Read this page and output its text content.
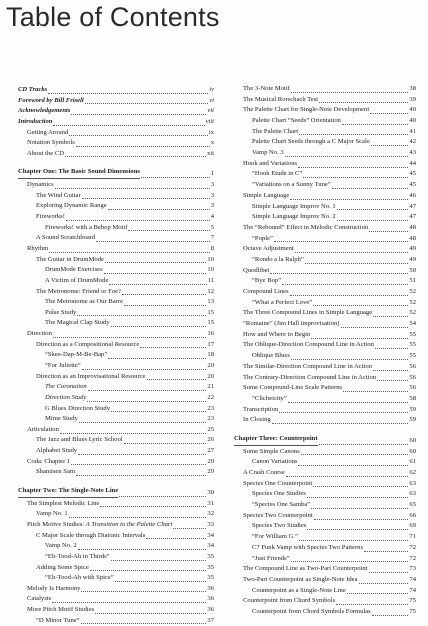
Table of Contents
CD Tracks	iv
Foreword by Bill Frisell	vi
Acknowledgements	vii
Introduction	viii
Getting Around	ix
Notation Symbols	x
About the CD	xii
Chapter One: The Basic Sound Dimensions	1
Dynamics	3
The Wind Guitar	3
Exploring Dynamic Range	3
Fireworks!	4
Fireworks! with a Bebop Motif	5
A Sound Scratchboard	7
Rhythm	8
The Guitar in DrumMode	10
DrumMode Exercises	10
A Victim of DrumMode	11
The Metronome: Friend or Foe?	12
The Metronome as Our Barre	13
Pulse Study	15
The Magical Clap Study	15
Direction	16
Direction as a Compositional Resource	17
“Skee-Dap-M-Be-Bap”	18
“For Juliette”	20
Direction as an Improvisational Resource	20
The Coronation	21
Direction Study	22
G Blues Direction Study	23
Mime Study	23
Articulation	25
The Jazz and Blues Lyric School	26
Alphabet Study	27
Coda: Chapter 1	29
Shamisen Sam	29
Chapter Two: The Single-Note Line	30
The Simplest Melodic Line	31
Vamp No. 1	32
Pitch Motive Studies: A Transition to the Palette Chart	33
C Major Scale through Diatonic Intervals	34
Vamp No. 2	34
“Eh-Tood-Ah in Thirds”	35
Adding Some Spice	35
“Eh-Tood-Ah with Spice”	35
Melody Is Harmony	36
Catalysts	36
More Pitch Motif Studies	36
“D Minor Tune”	37
The 3-Note Motif	38
The Musical Rorschach Test	39
The Palette Chart for Single-Note Development	40
Palette Chart “Seeds” Orientation	40
The Palette Chart	41
Palette Chart Seeds through a C Major Scale	42
Vamp No. 3	43
Hook and Variations	44
“Hook Etude in C”	45
“Variations on a Sunny Tune”	45
Simple Language	46
Simple Language Improv No. 1	47
Simple Language Improv No. 2	47
The “Rebound” Effect in Melodic Construction	48
“Pople”	48
Octave Adjustment	49
“Rondo a la Ralph”	49
Quodlibet	50
“Bye Bop”	51
Compound Lines	52
“What a Perfect Love”	52
The Three Compound Lines in Simple Language	52
“Romaine” (Jim Hall improvisation)	54
How and Where to Begin	55
The Oblique-Direction Compound Line in Action	55
Oblique Blues	55
The Similar-Direction Compound Line in Action	56
The Contrary-Direction Compound Line in Action	56
Some Compound-Line Scale Patterns	56
“Clicheicity”	58
Transcription	59
In Closing	59
Chapter Three: Counterpoint	60
Some Simple Canons	60
Canon Variations	61
A Crash Course	62
Species One Counterpoint	63
Species One Studies	63
“Species One Samba”	65
Species Two Counterpoint	66
Species Two Studies	69
“For William G.”	71
C7 Funk Vamp with Species Two Patterns	72
“Just Friends”	72
The Compound Line as Two-Part Counterpoint	73
Two-Part Counterpoint as Single-Note Idea	74
Counterpoint as a Single-Note Line	74
Counterpoint from Chord Symbols	75
Counterpoint from Chord Symbols Formulas	75
